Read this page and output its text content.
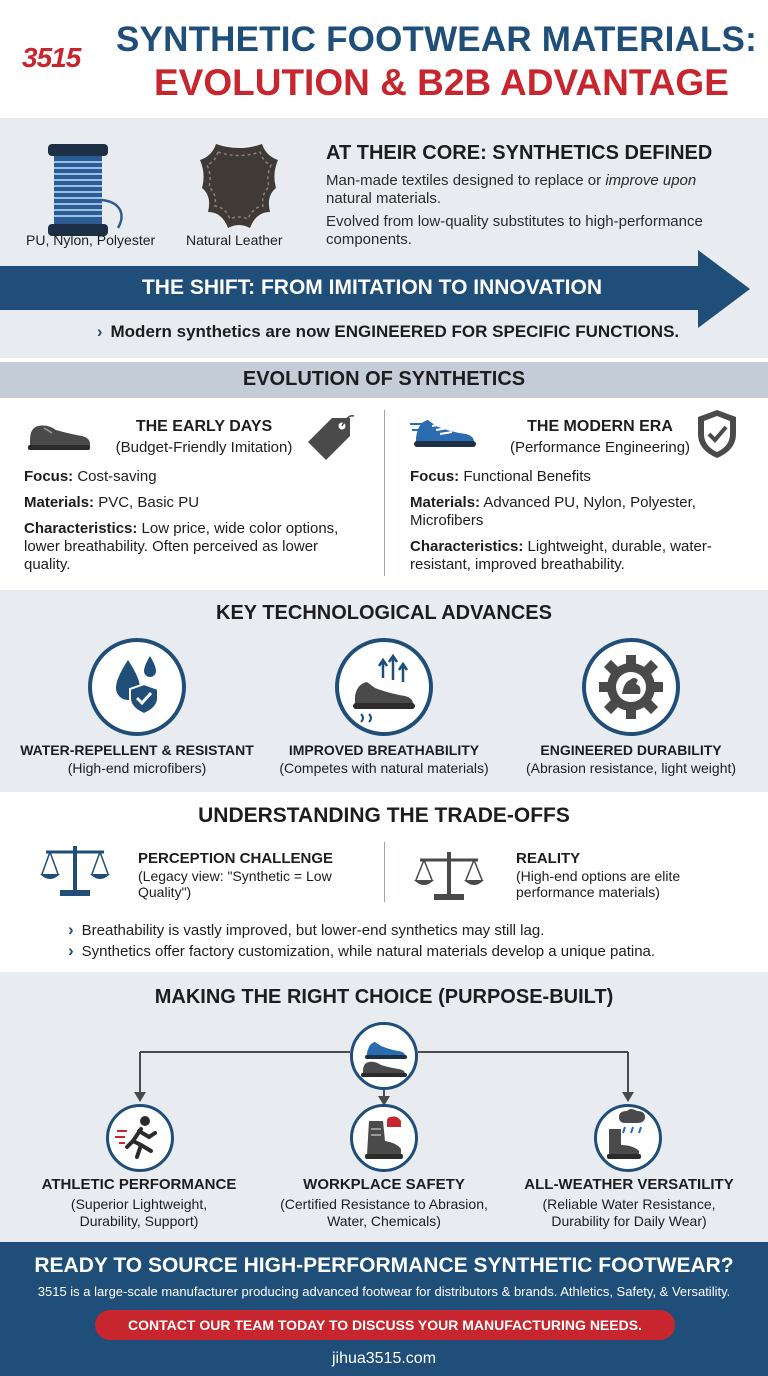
3515 SYNTHETIC FOOTWEAR MATERIALS:
EVOLUTION & B2B ADVANTAGE
PU, Nylon, Polyester Natural Leather
AT THEIR CORE: SYNTHETICS DEFINED
Man-made textiles designed to replace or improve upon natural materials.
Evolved from low-quality substitutes to high-performance components.
THE SHIFT: FROM IMITATION TO INNOVATION
› Modern synthetics are now ENGINEERED FOR SPECIFIC FUNCTIONS.
EVOLUTION OF SYNTHETICS
THE EARLY DAYS
(Budget-Friendly Imitation)
Focus: Cost-saving
Materials: PVC, Basic PU
Characteristics: Low price, wide color options, lower breathability. Often perceived as lower quality.
THE MODERN ERA
(Performance Engineering)
Focus: Functional Benefits
Materials: Advanced PU, Nylon, Polyester, Microfibers
Characteristics: Lightweight, durable, water-resistant, improved breathability.
KEY TECHNOLOGICAL ADVANCES
WATER-REPELLENT & RESISTANT
(High-end microfibers)
IMPROVED BREATHABILITY
(Competes with natural materials)
ENGINEERED DURABILITY
(Abrasion resistance, light weight)
UNDERSTANDING THE TRADE-OFFS
PERCEPTION CHALLENGE
(Legacy view: "Synthetic = Low Quality")
REALITY
(High-end options are elite performance materials)
› Breathability is vastly improved, but lower-end synthetics may still lag.
› Synthetics offer factory customization, while natural materials develop a unique patina.
MAKING THE RIGHT CHOICE (PURPOSE-BUILT)
ATHLETIC PERFORMANCE
(Superior Lightweight, Durability, Support)
WORKPLACE SAFETY
(Certified Resistance to Abrasion, Water, Chemicals)
ALL-WEATHER VERSATILITY
(Reliable Water Resistance, Durability for Daily Wear)
READY TO SOURCE HIGH-PERFORMANCE SYNTHETIC FOOTWEAR?
3515 is a large-scale manufacturer producing advanced footwear for distributors & brands. Athletics, Safety, & Versatility.
CONTACT OUR TEAM TODAY TO DISCUSS YOUR MANUFACTURING NEEDS.
jihua3515.com
